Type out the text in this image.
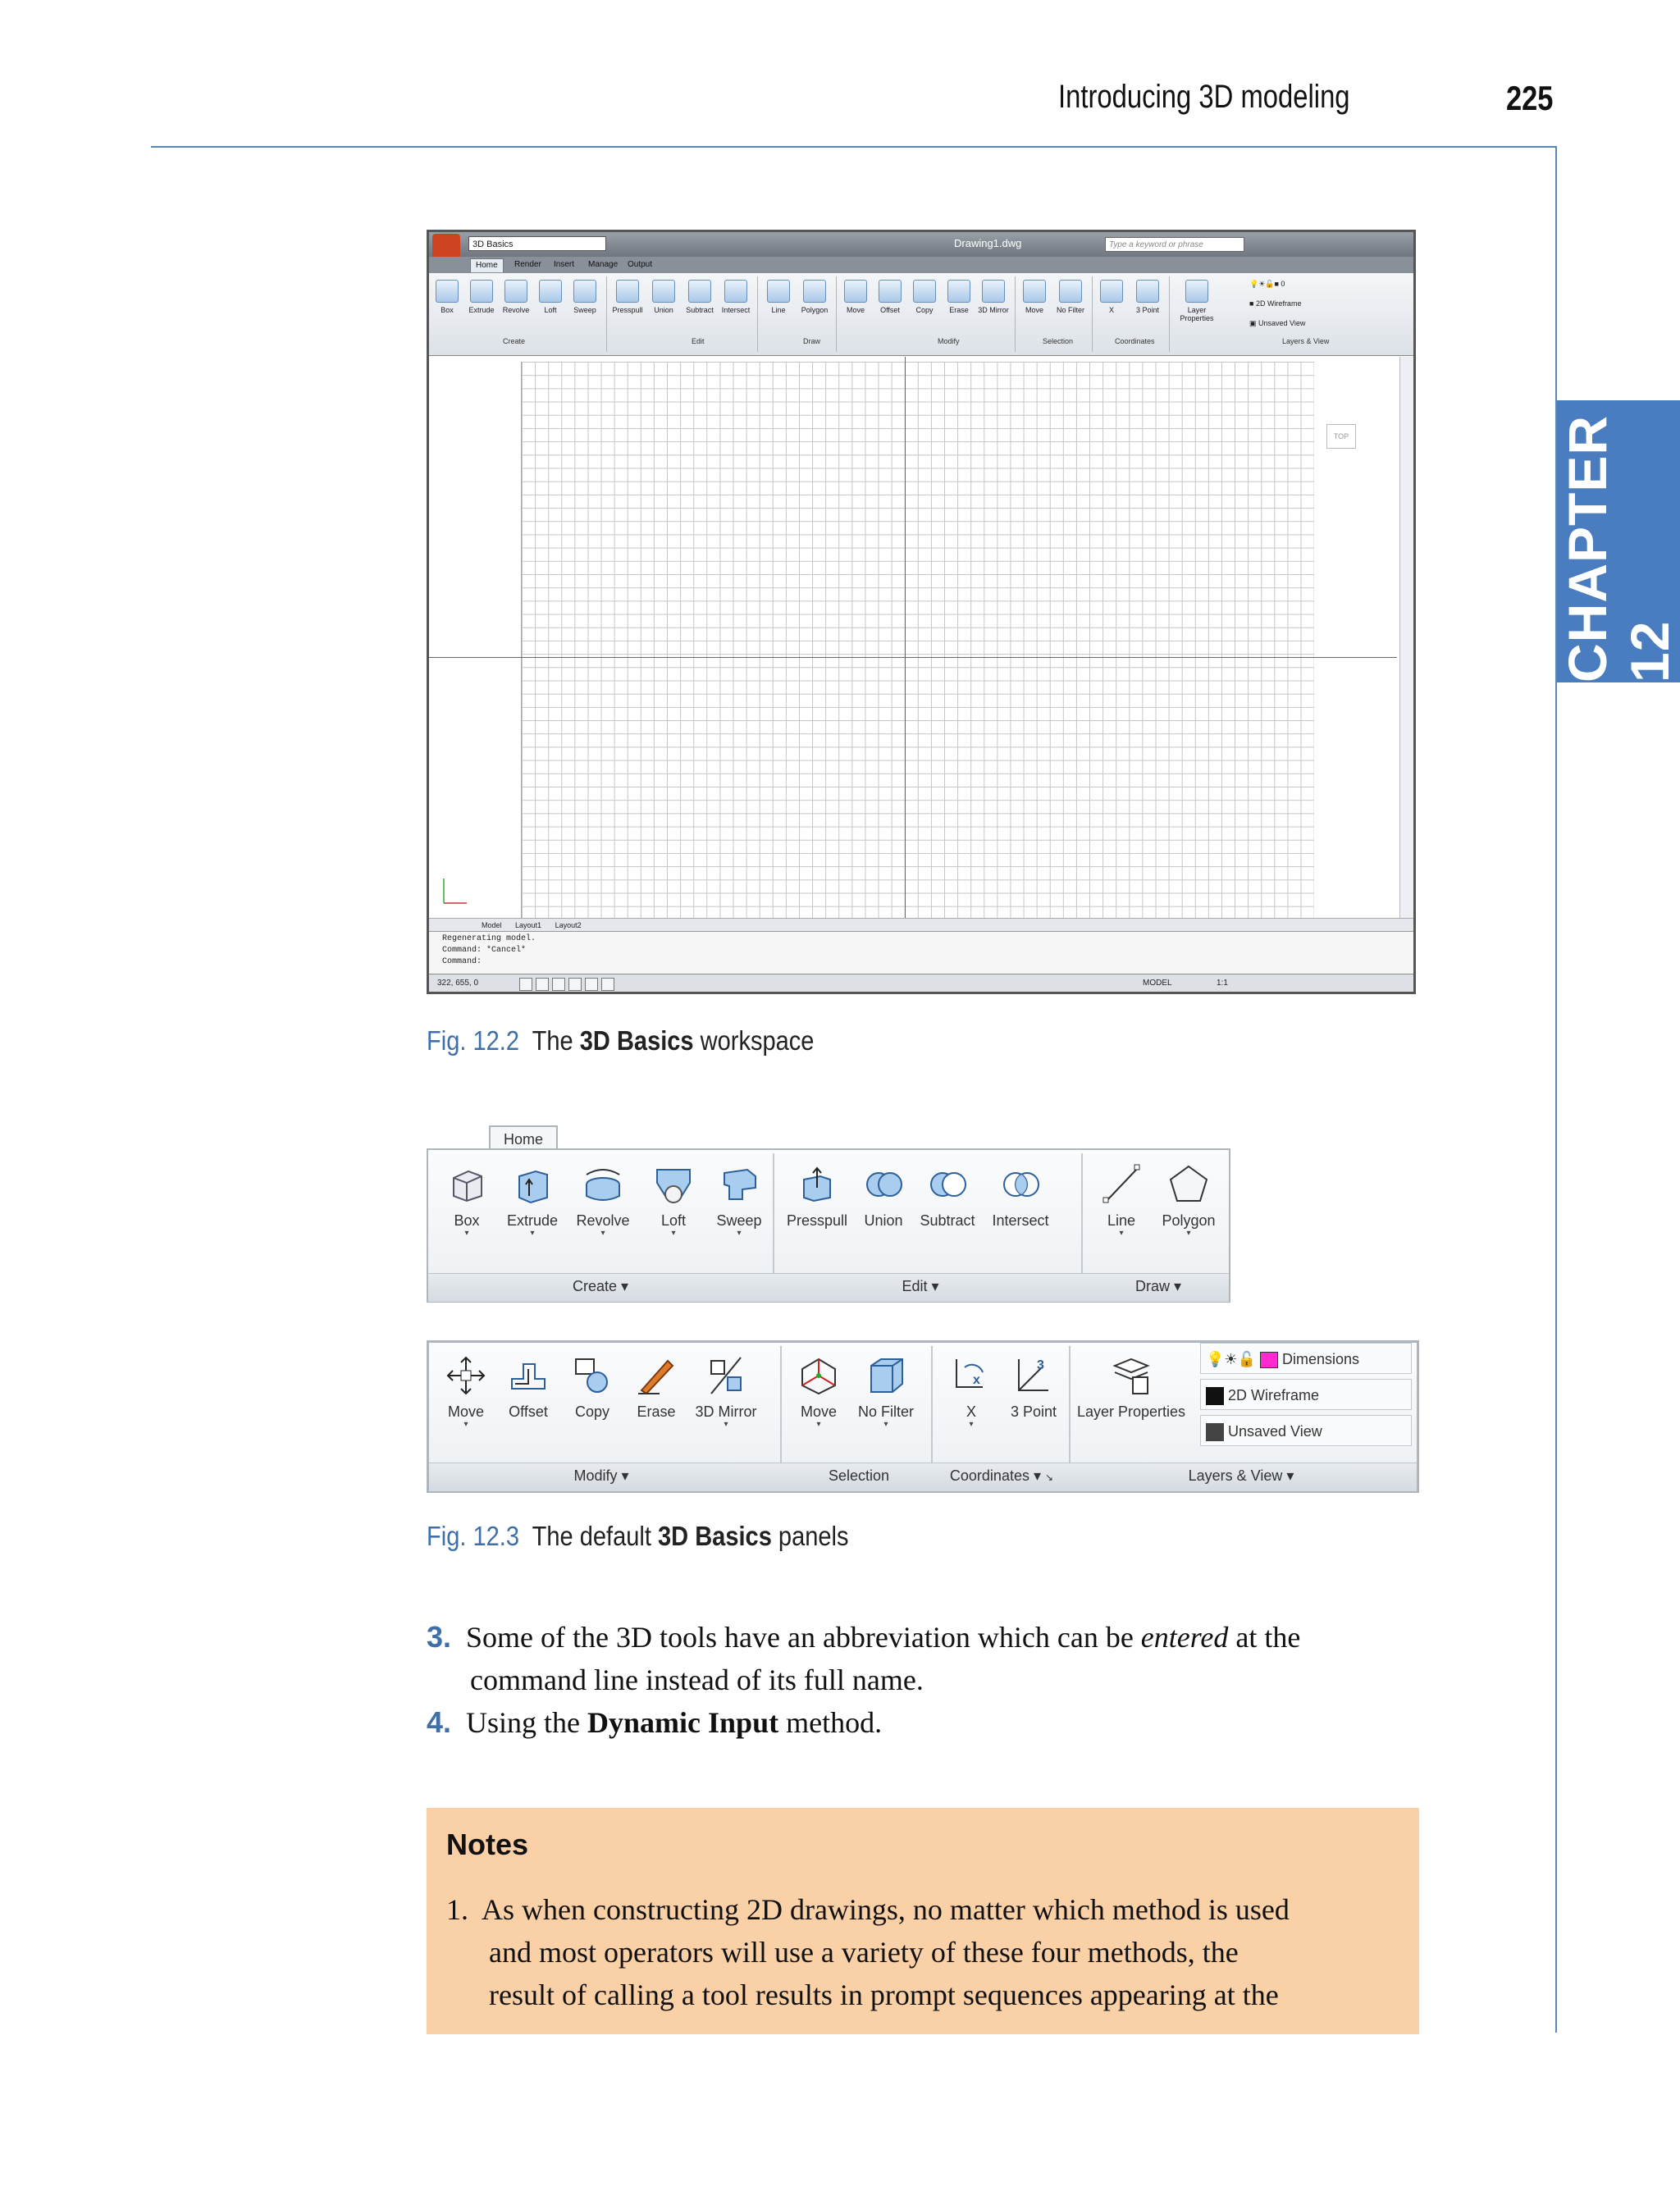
Introducing 3D modeling	225
CHAPTER 12
3D Basics	Drawing1.dwg	Type a keyword or phrase
Home	Render	Insert	Manage	Output
Box	Extrude	Revolve	Loft	Sweep	Presspull	Union	Subtract	Intersect	Line	Polygon	Move	Offset	Copy	Erase	3D Mirror	Move	No Filter	X	3 Point	Layer Properties
💡☀🔓■ 0
■ 2D Wireframe
▣ Unsaved View
Create	Edit	Draw	Modify	Selection	Coordinates	Layers & View
TOP
Model Layout1 Layout2
Regenerating model.
Command: *Cancel*
Command:
322, 655, 0	MODEL	1:1
Fig. 12.2 The 3D Basics workspace
Home
Box
▾
Extrude
▾
Revolve
▾
Loft
▾
Sweep
▾
Presspull	Union	Subtract	Intersect	Line
▾
Polygon
▾
Create ▾	Edit ▾	Draw ▾
Move
▾
Offset	Copy	Erase	3D Mirror
▾
Move
▾
No Filter
▾
x
X
▾
3
3 Point	Layer Properties
💡☀🔓 Dimensions
2D Wireframe
Unsaved View
Modify ▾	Selection	Coordinates ▾ ↘	Layers & View ▾
Fig. 12.3 The default 3D Basics panels
3. Some of the 3D tools have an abbreviation which can be entered at the
command line instead of its full name.
4. Using the Dynamic Input method.
Notes
1. As when constructing 2D drawings, no matter which method is used
and most operators will use a variety of these four methods, the
result of calling a tool results in prompt sequences appearing at the
